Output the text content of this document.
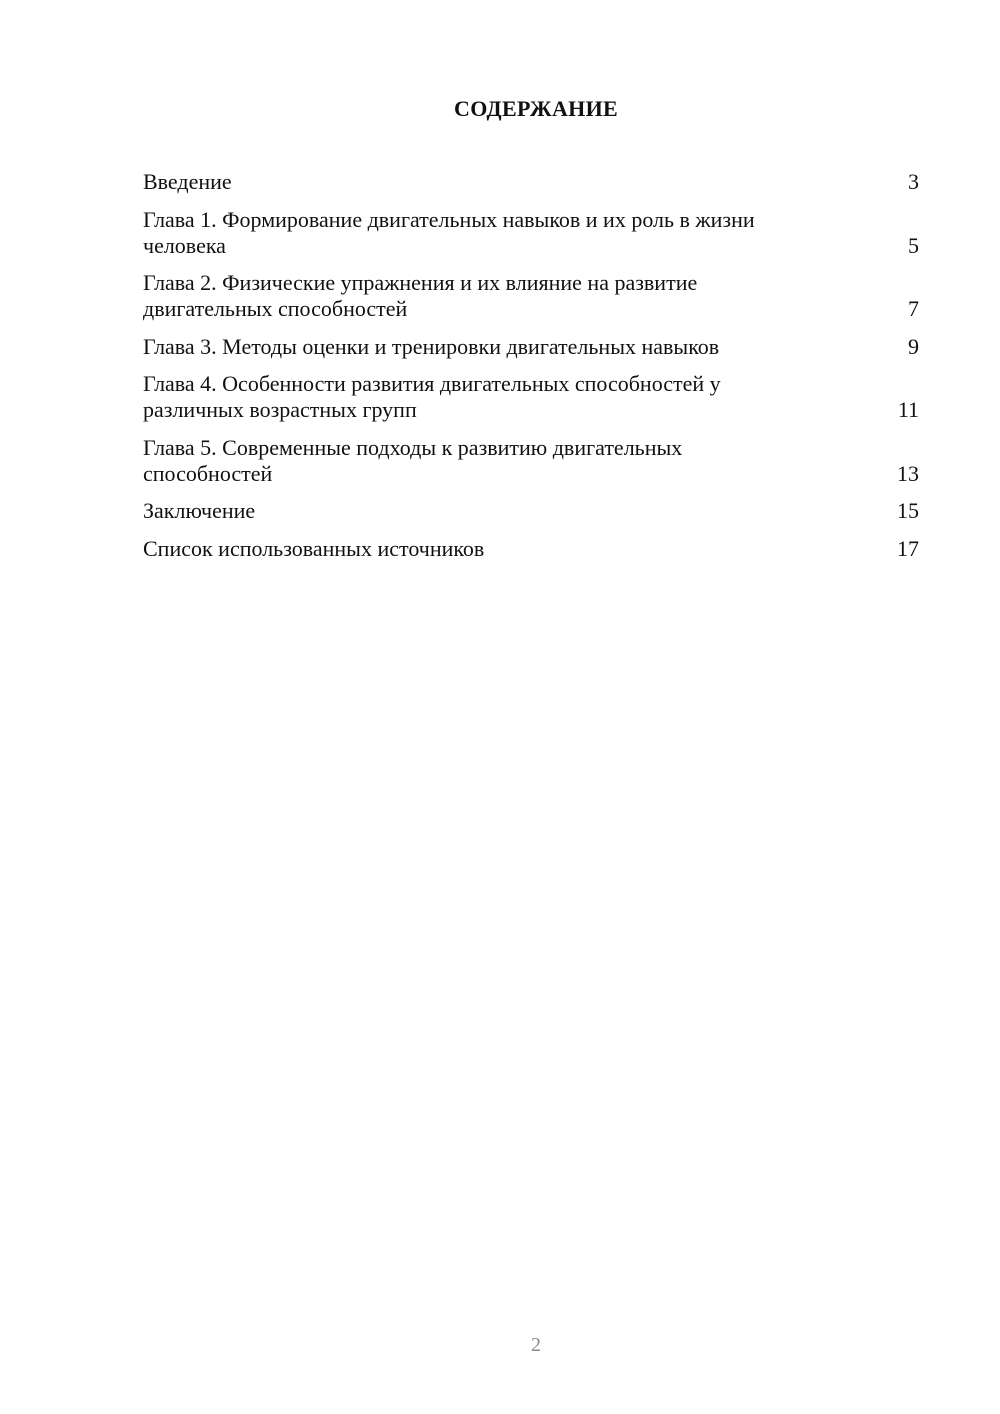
СОДЕРЖАНИЕ
Введение	3
Глава 1. Формирование двигательных навыков и их роль в жизни человека	5
Глава 2. Физические упражнения и их влияние на развитие двигательных способностей	7
Глава 3. Методы оценки и тренировки двигательных навыков	9
Глава 4. Особенности развития двигательных способностей у различных возрастных групп	11
Глава 5. Современные подходы к развитию двигательных способностей	13
Заключение	15
Список использованных источников	17
2
